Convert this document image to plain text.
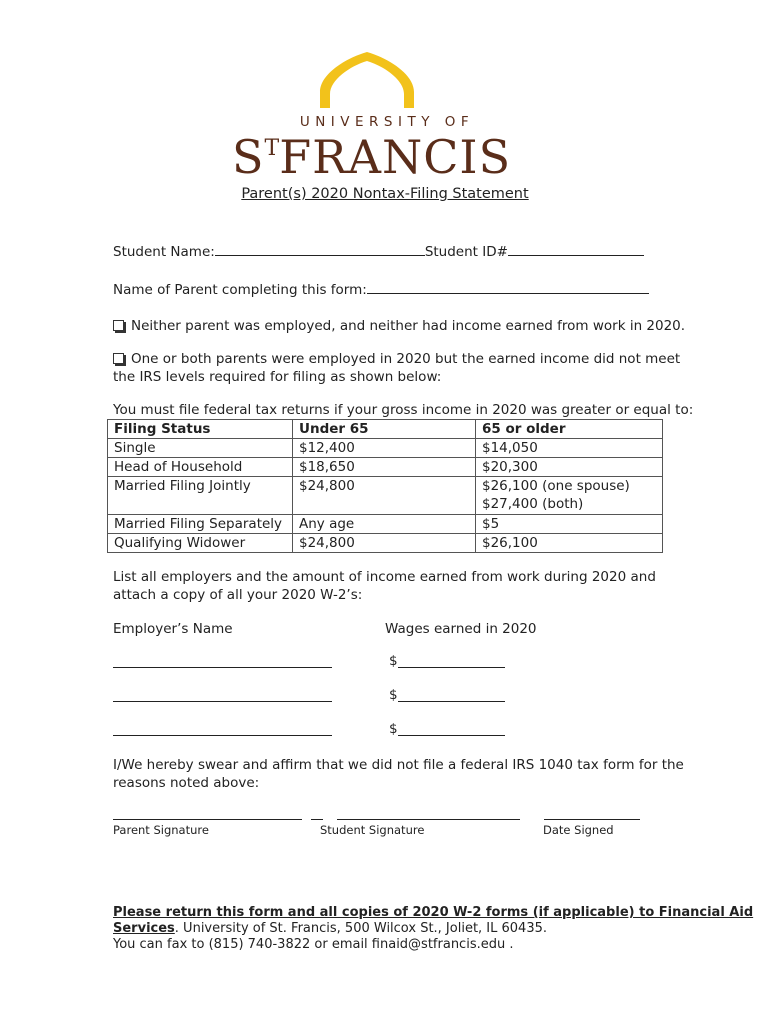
UNIVERSITY OF
STFRANCIS
Parent(s) 2020 Nontax-Filing Statement
Student Name:	Student ID#
Name of Parent completing this form:
Neither parent was employed, and neither had income earned from work in 2020.
One or both parents were employed in 2020 but the earned income did not meet
the IRS levels required for filing as shown below:
You must file federal tax returns if your gross income in 2020 was greater or equal to:
Filing Status	Under 65	65 or older
Single	$12,400	$14,050
Head of Household	$18,650	$20,300
Married Filing Jointly	$24,800	$26,100 (one spouse)
$27,400 (both)
Married Filing Separately	Any age	$5
Qualifying Widower	$24,800	$26,100
List all employers and the amount of income earned from work during 2020 and
attach a copy of all your 2020 W-2’s:
Employer’s Name	Wages earned in 2020
$
$
$
I/We hereby swear and affirm that we did not file a federal IRS 1040 tax form for the
reasons noted above:
Parent Signature	Student Signature	Date Signed
Please return this form and all copies of 2020 W-2 forms (if applicable) to Financial Aid
Services. University of St. Francis, 500 Wilcox St., Joliet, IL 60435.
You can fax to (815) 740-3822 or email finaid@stfrancis.edu .
